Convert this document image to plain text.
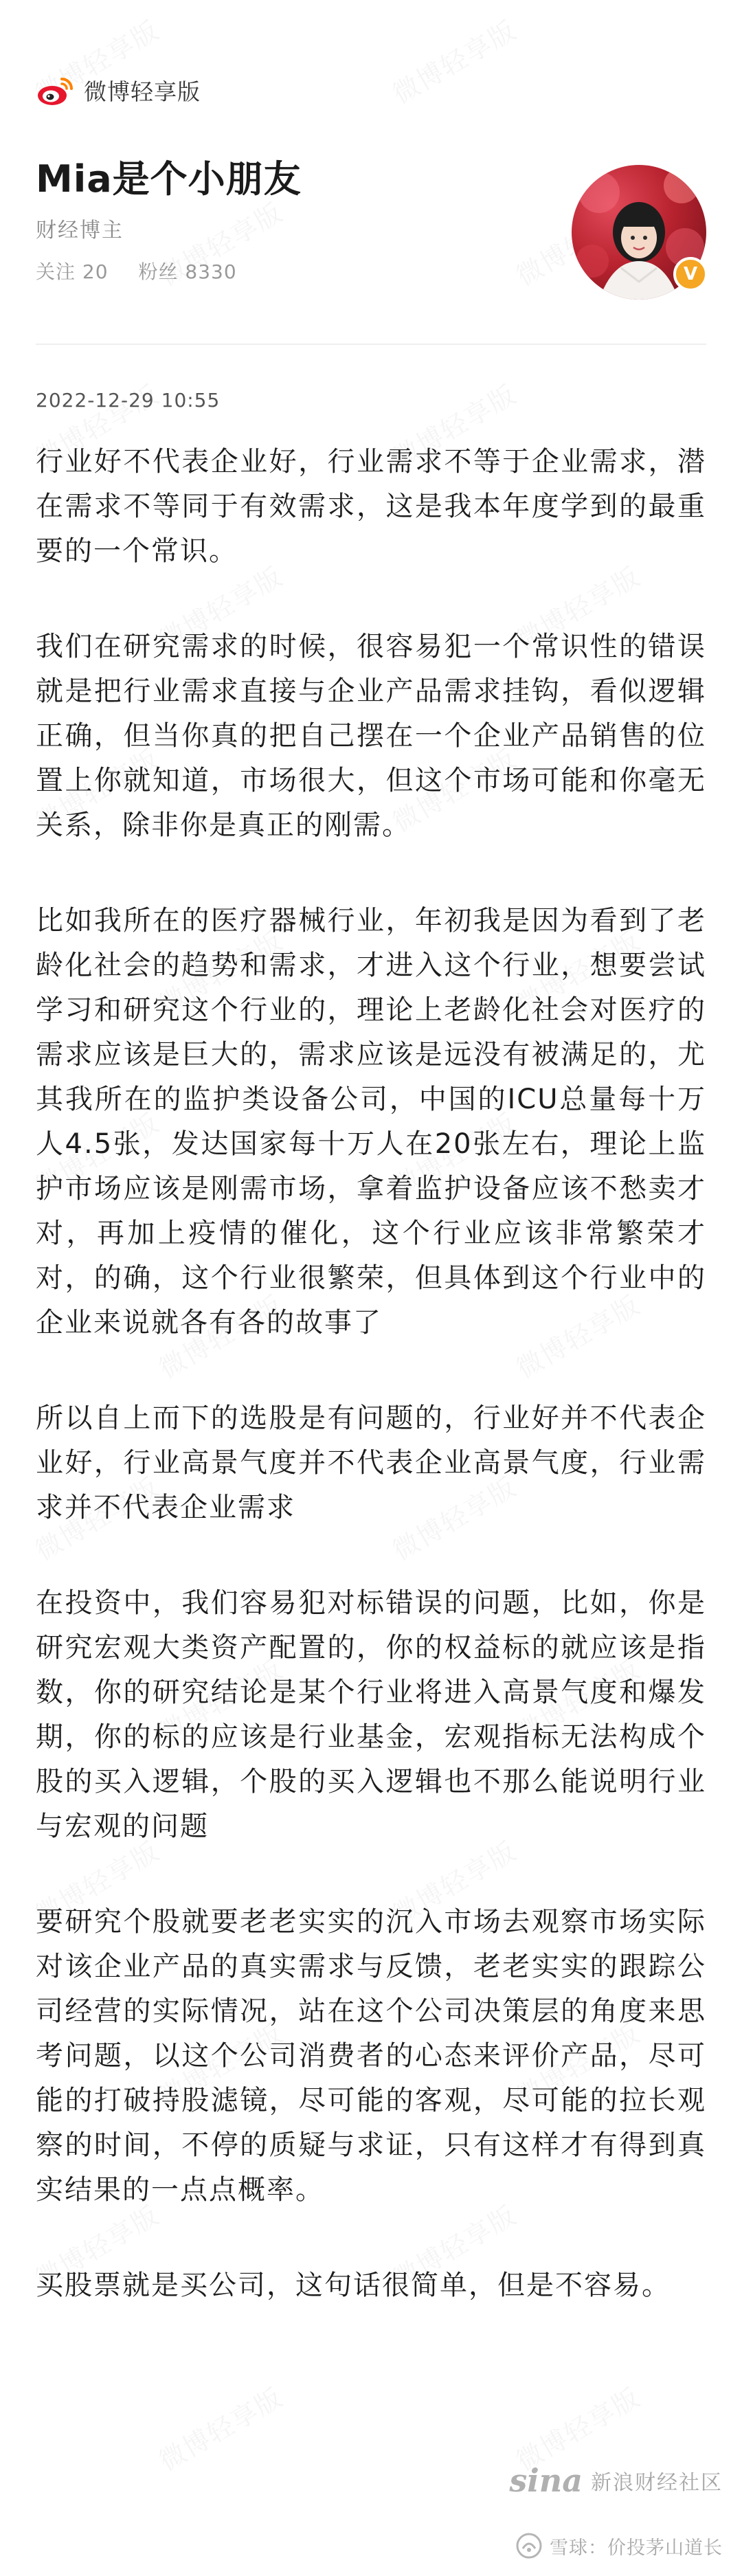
微博轻享版
Mia是个小朋友
财经博主
关注 20 粉丝 8330	V
2022-12-29 10:55

行业好不代表企业好，行业需求不等于企业需求，潜在需求不等同于有效需求，这是我本年度学到的最重要的一个常识。

我们在研究需求的时候，很容易犯一个常识性的错误就是把行业需求直接与企业产品需求挂钩，看似逻辑正确，但当你真的把自己摆在一个企业产品销售的位置上你就知道，市场很大，但这个市场可能和你毫无关系，除非你是真正的刚需。

比如我所在的医疗器械行业，年初我是因为看到了老龄化社会的趋势和需求，才进入这个行业，想要尝试学习和研究这个行业的，理论上老龄化社会对医疗的需求应该是巨大的，需求应该是远没有被满足的，尤其我所在的监护类设备公司，中国的ICU总量每十万人4.5张，发达国家每十万人在20张左右，理论上监护市场应该是刚需市场，拿着监护设备应该不愁卖才对，再加上疫情的催化，这个行业应该非常繁荣才对，的确，这个行业很繁荣，但具体到这个行业中的企业来说就各有各的故事了

所以自上而下的选股是有问题的，行业好并不代表企业好，行业高景气度并不代表企业高景气度，行业需求并不代表企业需求

在投资中，我们容易犯对标错误的问题，比如，你是研究宏观大类资产配置的，你的权益标的就应该是指数，你的研究结论是某个行业将进入高景气度和爆发期，你的标的应该是行业基金，宏观指标无法构成个股的买入逻辑，个股的买入逻辑也不那么能说明行业与宏观的问题

要研究个股就要老老实实的沉入市场去观察市场实际对该企业产品的真实需求与反馈，老老实实的跟踪公司经营的实际情况，站在这个公司决策层的角度来思考问题，以这个公司消费者的心态来评价产品，尽可能的打破持股滤镜，尽可能的客观，尽可能的拉长观察的时间，不停的质疑与求证，只有这样才有得到真实结果的一点点概率。

买股票就是买公司，这句话很简单，但是不容易。

sina 新浪财经社区
雪球：价投茅山道长
